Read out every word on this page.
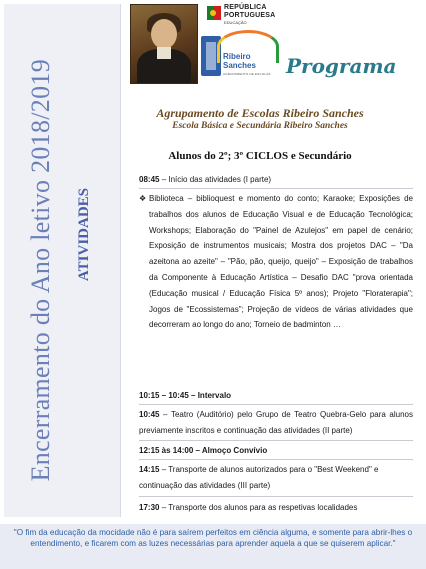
Encerramento do Ano letivo 2018/2019 ATIVIDADES
REPÚBLICA
PORTUGUESA
EDUCAÇÃO
Ribeiro
Sanches
AGRUPAMENTO DE ESCOLAS Programa
Agrupamento de Escolas Ribeiro Sanches
Escola Básica e Secundária Ribeiro Sanches
Alunos do 2º; 3º CICLOS e Secundário
08:45 – Início das atividades (I parte)
❖ Biblioteca – biblioquest e momento do conto; Karaoke; Exposições de trabalhos dos alunos de Educação Visual e de Educação Tecnológica; Workshops; Elaboração do "Painel de Azulejos" em papel de cenário; Exposição de instrumentos musicais; Mostra dos projetos DAC – "Da azeitona ao azeite" – "Pão, pão, queijo, queijo" – Exposição de trabalhos da Componente à Educação Artística – Desafio DAC "prova orientada (Educação musical / Educação Física 5º anos); Projeto "Floraterapia"; Jogos de "Ecossistemas"; Projeção de vídeos de várias atividades que decorreram ao longo do ano; Torneio de badminton …
10:15 – 10:45 – Intervalo
10:45 – Teatro (Auditório) pelo Grupo de Teatro Quebra-Gelo para alunos previamente inscritos e continuação das atividades (II parte)
12:15 às 14:00 – Almoço Convívio
14:15 – Transporte de alunos autorizados para o "Best Weekend" e continuação das atividades (III parte)
17:30 – Transporte dos alunos para as respetivas localidades
"O fim da educação da mocidade não é para saírem perfeitos em ciência alguma, e somente para abrir-lhes o entendimento, e ficarem com as luzes necessárias para aprender aquela a que se quiserem aplicar."
